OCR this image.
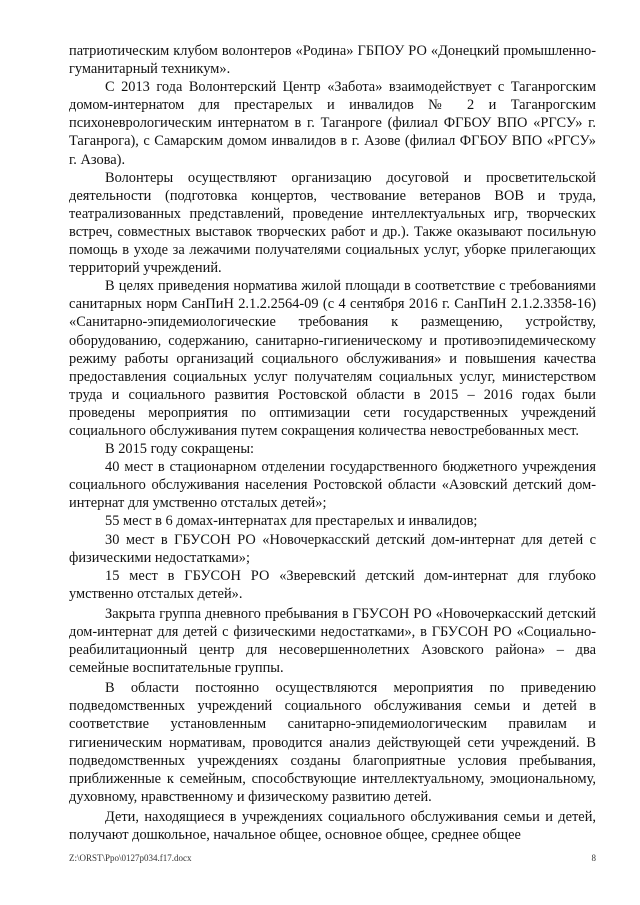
патриотическим клубом волонтеров «Родина» ГБПОУ РО «Донецкий промышленно-гуманитарный техникум».

С 2013 года Волонтерский Центр «Забота» взаимодействует с Таганрогским домом-интернатом для престарелых и инвалидов № 2 и Таганрогским психоневрологическим интернатом в г. Таганроге (филиал ФГБОУ ВПО «РГСУ» г. Таганрога), с Самарским домом инвалидов в г. Азове (филиал ФГБОУ ВПО «РГСУ» г. Азова).

Волонтеры осуществляют организацию досуговой и просветительской деятельности (подготовка концертов, чествование ветеранов ВОВ и труда, театрализованных представлений, проведение интеллектуальных игр, творческих встреч, совместных выставок творческих работ и др.). Также оказывают посильную помощь в уходе за лежачими получателями социальных услуг, уборке прилегающих территорий учреждений.

В целях приведения норматива жилой площади в соответствие с требованиями санитарных норм СанПиН 2.1.2.2564-09 (с 4 сентября 2016 г. СанПиН 2.1.2.3358-16) «Санитарно-эпидемиологические требования к размещению, устройству, оборудованию, содержанию, санитарно-гигиеническому и противоэпидемическому режиму работы организаций социального обслуживания» и повышения качества предоставления социальных услуг получателям социальных услуг, министерством труда и социального развития Ростовской области в 2015 – 2016 годах были проведены мероприятия по оптимизации сети государственных учреждений социального обслуживания путем сокращения количества невостребованных мест.

В 2015 году сокращены:

40 мест в стационарном отделении государственного бюджетного учреждения социального обслуживания населения Ростовской области «Азовский детский дом-интернат для умственно отсталых детей»;

55 мест в 6 домах-интернатах для престарелых и инвалидов;

30 мест в ГБУСОН РО «Новочеркасский детский дом-интернат для детей с физическими недостатками»;

15 мест в ГБУСОН РО «Зверевский детский дом-интернат для глубоко умственно отсталых детей».

Закрыта группа дневного пребывания в ГБУСОН РО «Новочеркасский детский дом-интернат для детей с физическими недостатками», в ГБУСОН РО «Социально-реабилитационный центр для несовершеннолетних Азовского района» – два семейные воспитательные группы.

В области постоянно осуществляются мероприятия по приведению подведомственных учреждений социального обслуживания семьи и детей в соответствие установленным санитарно-эпидемиологическим правилам и гигиеническим нормативам, проводится анализ действующей сети учреждений. В подведомственных учреждениях созданы благоприятные условия пребывания, приближенные к семейным, способствующие интеллектуальному, эмоциональному, духовному, нравственному и физическому развитию детей.

Дети, находящиеся в учреждениях социального обслуживания семьи и детей, получают дошкольное, начальное общее, основное общее, среднее общее

Z:\ORST\Ppo\0127p034.f17.docx	8
